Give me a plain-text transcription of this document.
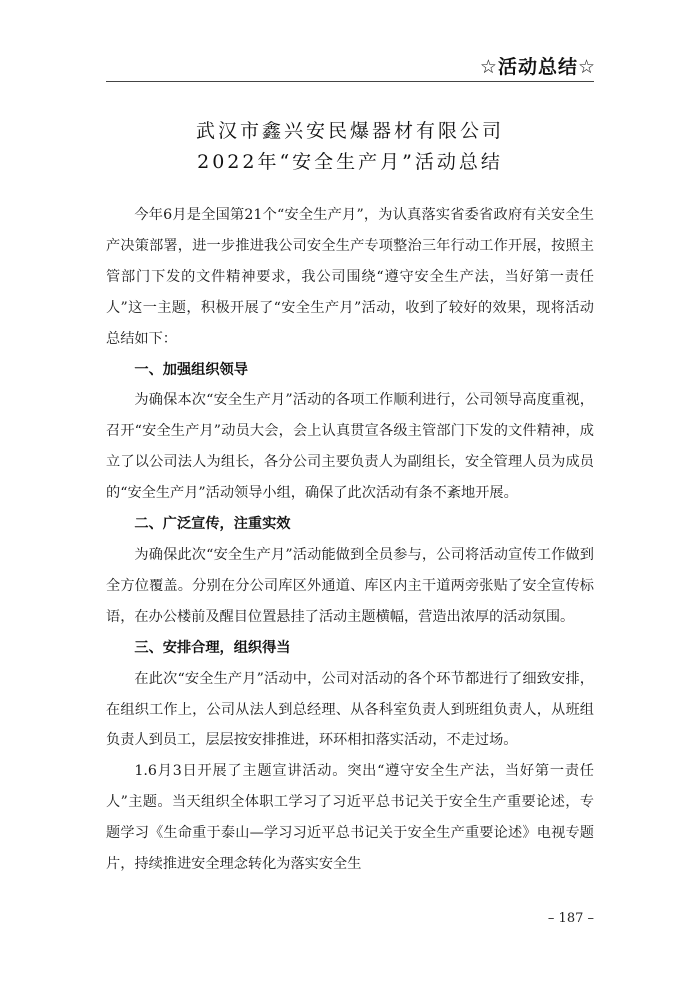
☆活动总结☆
武汉市鑫兴安民爆器材有限公司
2022年“安全生产月”活动总结

今年6月是全国第21个“安全生产月”，为认真落实省委省政府有关安全生产决策部署，进一步推进我公司安全生产专项整治三年行动工作开展，按照主管部门下发的文件精神要求，我公司围绕“遵守安全生产法，当好第一责任人”这一主题，积极开展了“安全生产月”活动，收到了较好的效果，现将活动总结如下：

一、加强组织领导

为确保本次“安全生产月”活动的各项工作顺利进行，公司领导高度重视，召开“安全生产月”动员大会，会上认真贯宣各级主管部门下发的文件精神，成立了以公司法人为组长，各分公司主要负责人为副组长，安全管理人员为成员的“安全生产月”活动领导小组，确保了此次活动有条不紊地开展。

二、广泛宣传，注重实效

为确保此次“安全生产月”活动能做到全员参与，公司将活动宣传工作做到全方位覆盖。分别在分公司库区外通道、库区内主干道两旁张贴了安全宣传标语，在办公楼前及醒目位置悬挂了活动主题横幅，营造出浓厚的活动氛围。

三、安排合理，组织得当

在此次“安全生产月”活动中，公司对活动的各个环节都进行了细致安排，在组织工作上，公司从法人到总经理、从各科室负责人到班组负责人，从班组负责人到员工，层层按安排推进，环环相扣落实活动，不走过场。

1.6月3日开展了主题宣讲活动。突出“遵守安全生产法，当好第一责任人”主题。当天组织全体职工学习了习近平总书记关于安全生产重要论述，专题学习《生命重于泰山—学习习近平总书记关于安全生产重要论述》电视专题片，持续推进安全理念转化为落实安全生

– 187 –
